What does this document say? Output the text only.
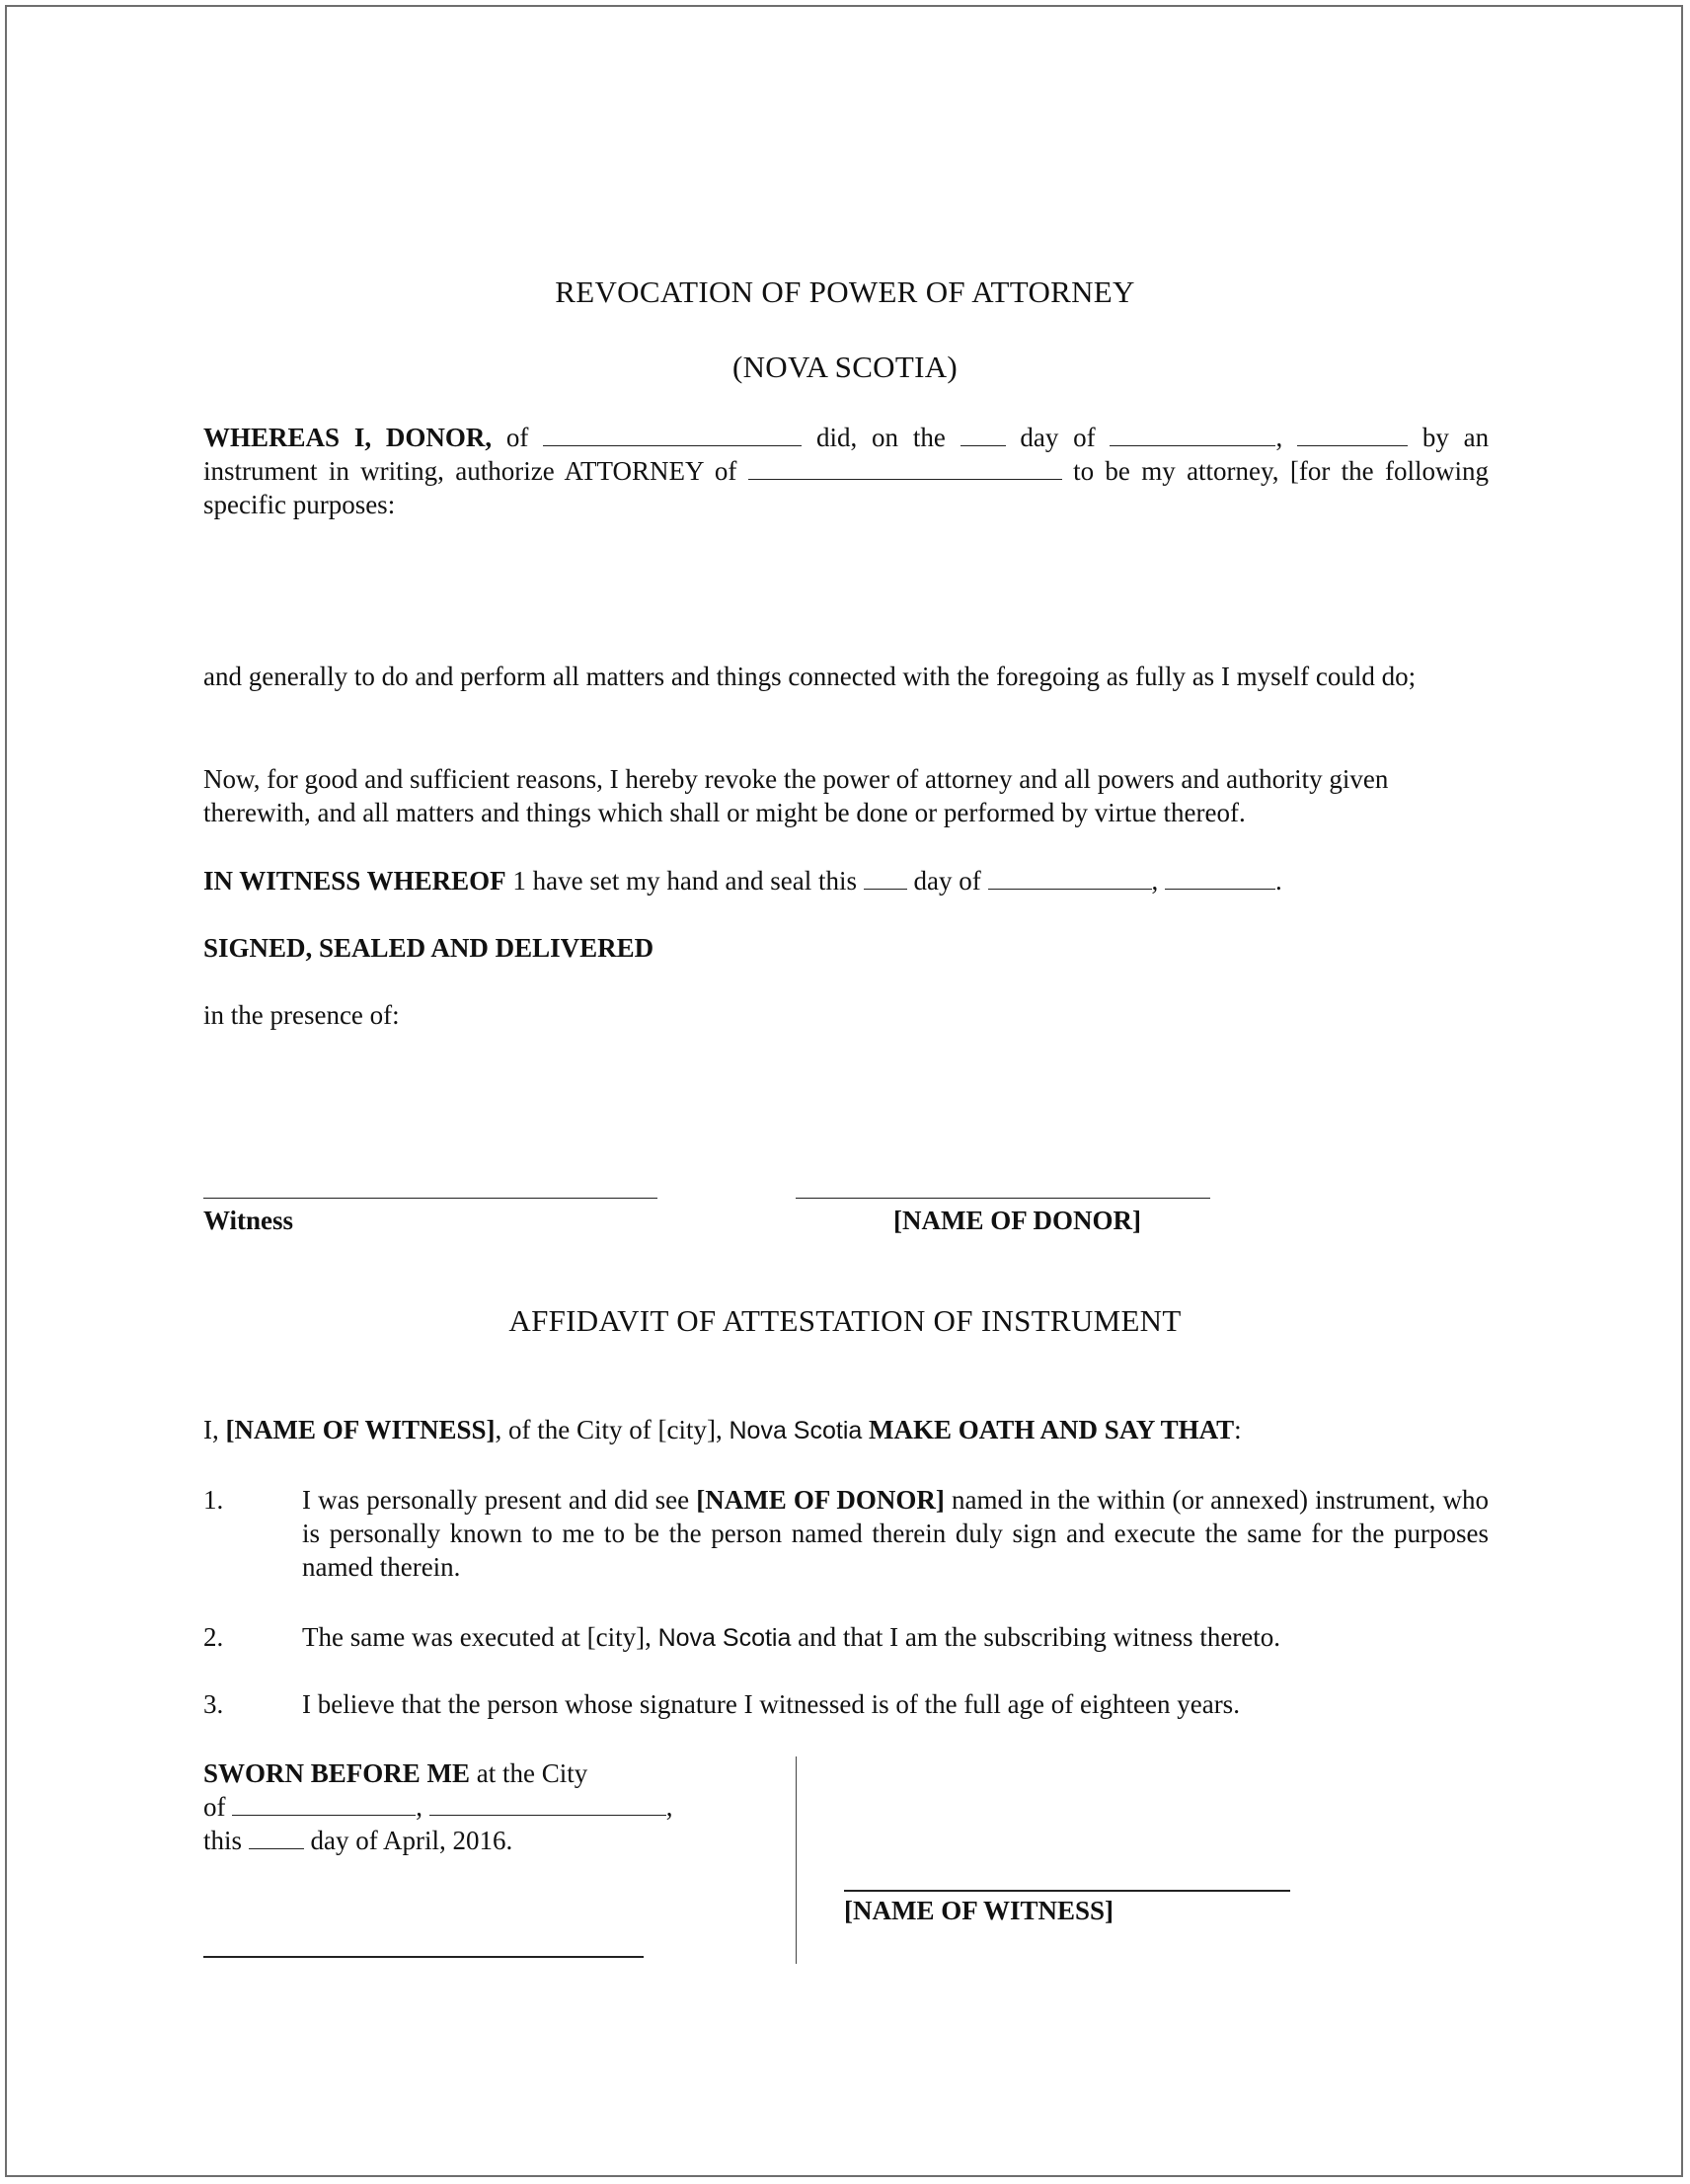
REVOCATION OF POWER OF ATTORNEY
(NOVA SCOTIA)
WHEREAS I, DONOR, of	did, on the	day of	,	by an instrument in writing, authorize ATTORNEY of	to be my attorney, [for the following specific purposes:
and generally to do and perform all matters and things connected with the foregoing as fully as I myself could do;
Now, for good and sufficient reasons, I hereby revoke the power of attorney and all powers and authority given therewith, and all matters and things which shall or might be done or performed by virtue thereof.
IN WITNESS WHEREOF 1 have set my hand and seal this day of	,	.
SIGNED, SEALED AND DELIVERED
in the presence of:
Witness	[NAME OF DONOR]
AFFIDAVIT OF ATTESTATION OF INSTRUMENT
I, [NAME OF WITNESS], of the City of [city], Nova Scotia MAKE OATH AND SAY THAT:
1.	I was personally present and did see [NAME OF DONOR] named in the within (or annexed) instrument, who is personally known to me to be the person named therein duly sign and execute the same for the purposes named therein.
2.	The same was executed at [city], Nova Scotia and that I am the subscribing witness thereto.
3.	I believe that the person whose signature I witnessed is of the full age of eighteen years.
SWORN BEFORE ME at the City
of	,	,
this	day of April, 2016.
[NAME OF WITNESS]
